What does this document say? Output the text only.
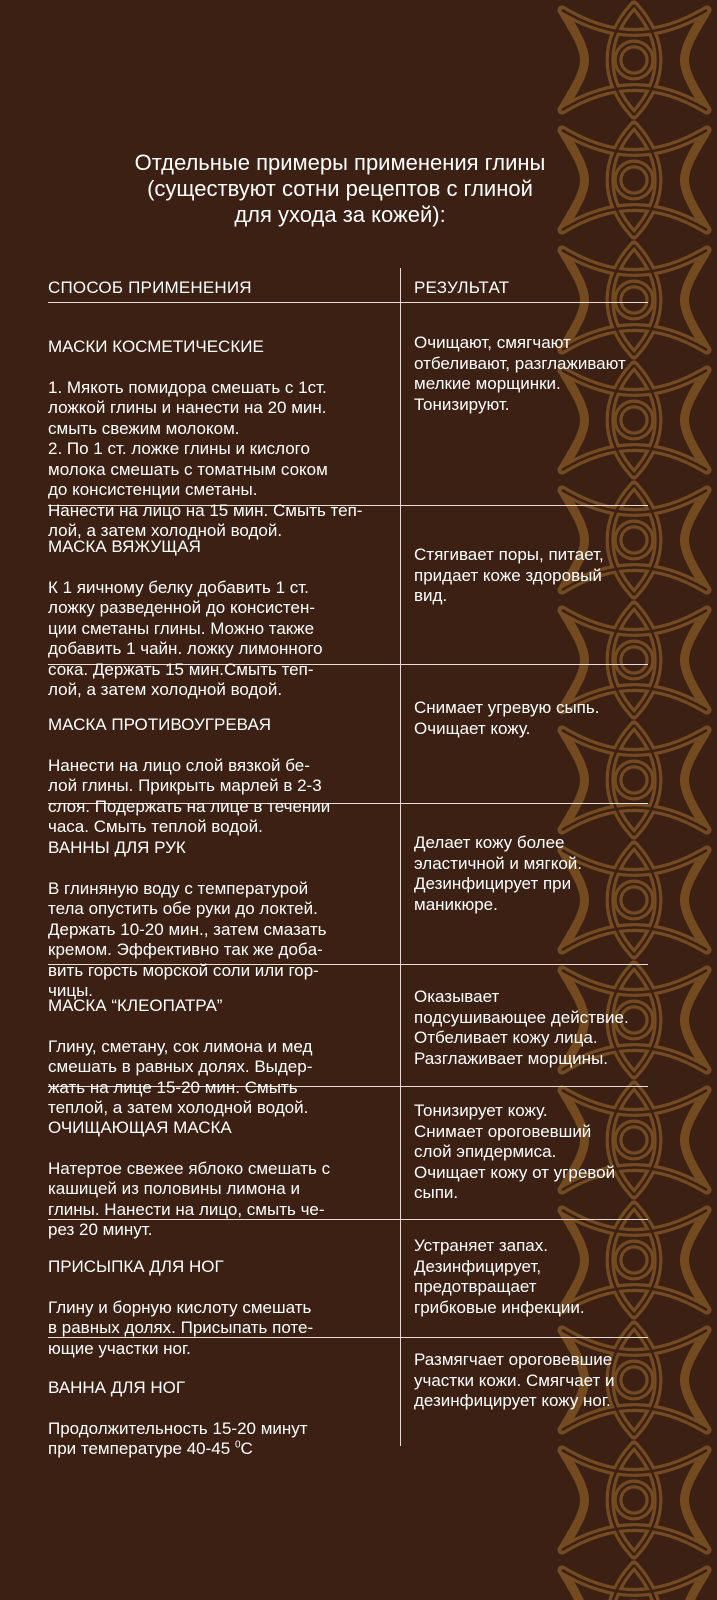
Отдельные примеры применения глины
(существуют сотни рецептов с глиной
для ухода за кожей):
СПОСОБ ПРИМЕНЕНИЯ	РЕЗУЛЬТАТ

МАСКИ КОСМЕТИЧЕСКИЕ

1. Мякоть помидора смешать с 1ст.
ложкой глины и нанести на 20 мин.
смыть свежим молоком.
2. По 1 ст. ложке глины и кислого
молока смешать с томатным соком
до консистенции сметаны.
Нанести на лицо на 15 мин. Смыть теп-
лой, а затем холодной водой.

Очищают, смягчают
отбеливают, разглаживают
мелкие морщинки.
Тонизируют.

МАСКА ВЯЖУЩАЯ

К 1 яичному белку добавить 1 ст.
ложку разведенной до консистен-
ции сметаны глины. Можно также
добавить 1 чайн. ложку лимонного
сока. Держать 15 мин.Смыть теп-
лой, а затем холодной водой.

Стягивает поры, питает,
придает коже здоровый
вид.

МАСКА ПРОТИВОУГРЕВАЯ

Нанести на лицо слой вязкой бе-
лой глины. Прикрыть марлей в 2-3
слоя. Подержать на лице в течении
часа. Смыть теплой водой.

Снимает угревую сыпь.
Очищает кожу.

ВАННЫ ДЛЯ РУК

В глиняную воду с температурой
тела опустить обе руки до локтей.
Держать 10-20 мин., затем смазать
кремом. Эффективно так же добa-
вить горсть морской соли или гор-
чицы.

Делает кожу более
эластичной и мягкой.
Дезинфицирует при
маникюре.

МАСКА “КЛЕОПАТРА”

Глину, сметану, сок лимона и мед
смешать в равных долях. Выдер-
жать на лице 15-20 мин. Смыть
теплой, а затем холодной водой.

Оказывает
подсушивающее действие.
Отбеливает кожу лица.
Разглаживает морщины.

ОЧИЩАЮЩАЯ МАСКА

Натертое свежее яблоко смешать с
кашицей из половины лимона и
глины. Нанести на лицо, смыть че-
рез 20 минут.

Тонизирует кожу.
Снимает ороговевший
слой эпидермиса.
Очищает кожу от угревой
сыпи.

ПРИСЫПКА ДЛЯ НОГ

Глину и борную кислоту смешать
в равных долях. Присыпать поте-
ющие участки ног.

Устраняет запах.
Дезинфицирует,
предотвращает
грибковые инфекции.

ВАННА ДЛЯ НОГ

Продолжительность 15-20 минут
при температуре 40-45 $^0$С

Размягчает ороговевшие
участки кожи. Смягчает и
дезинфицирует кожу ног.
